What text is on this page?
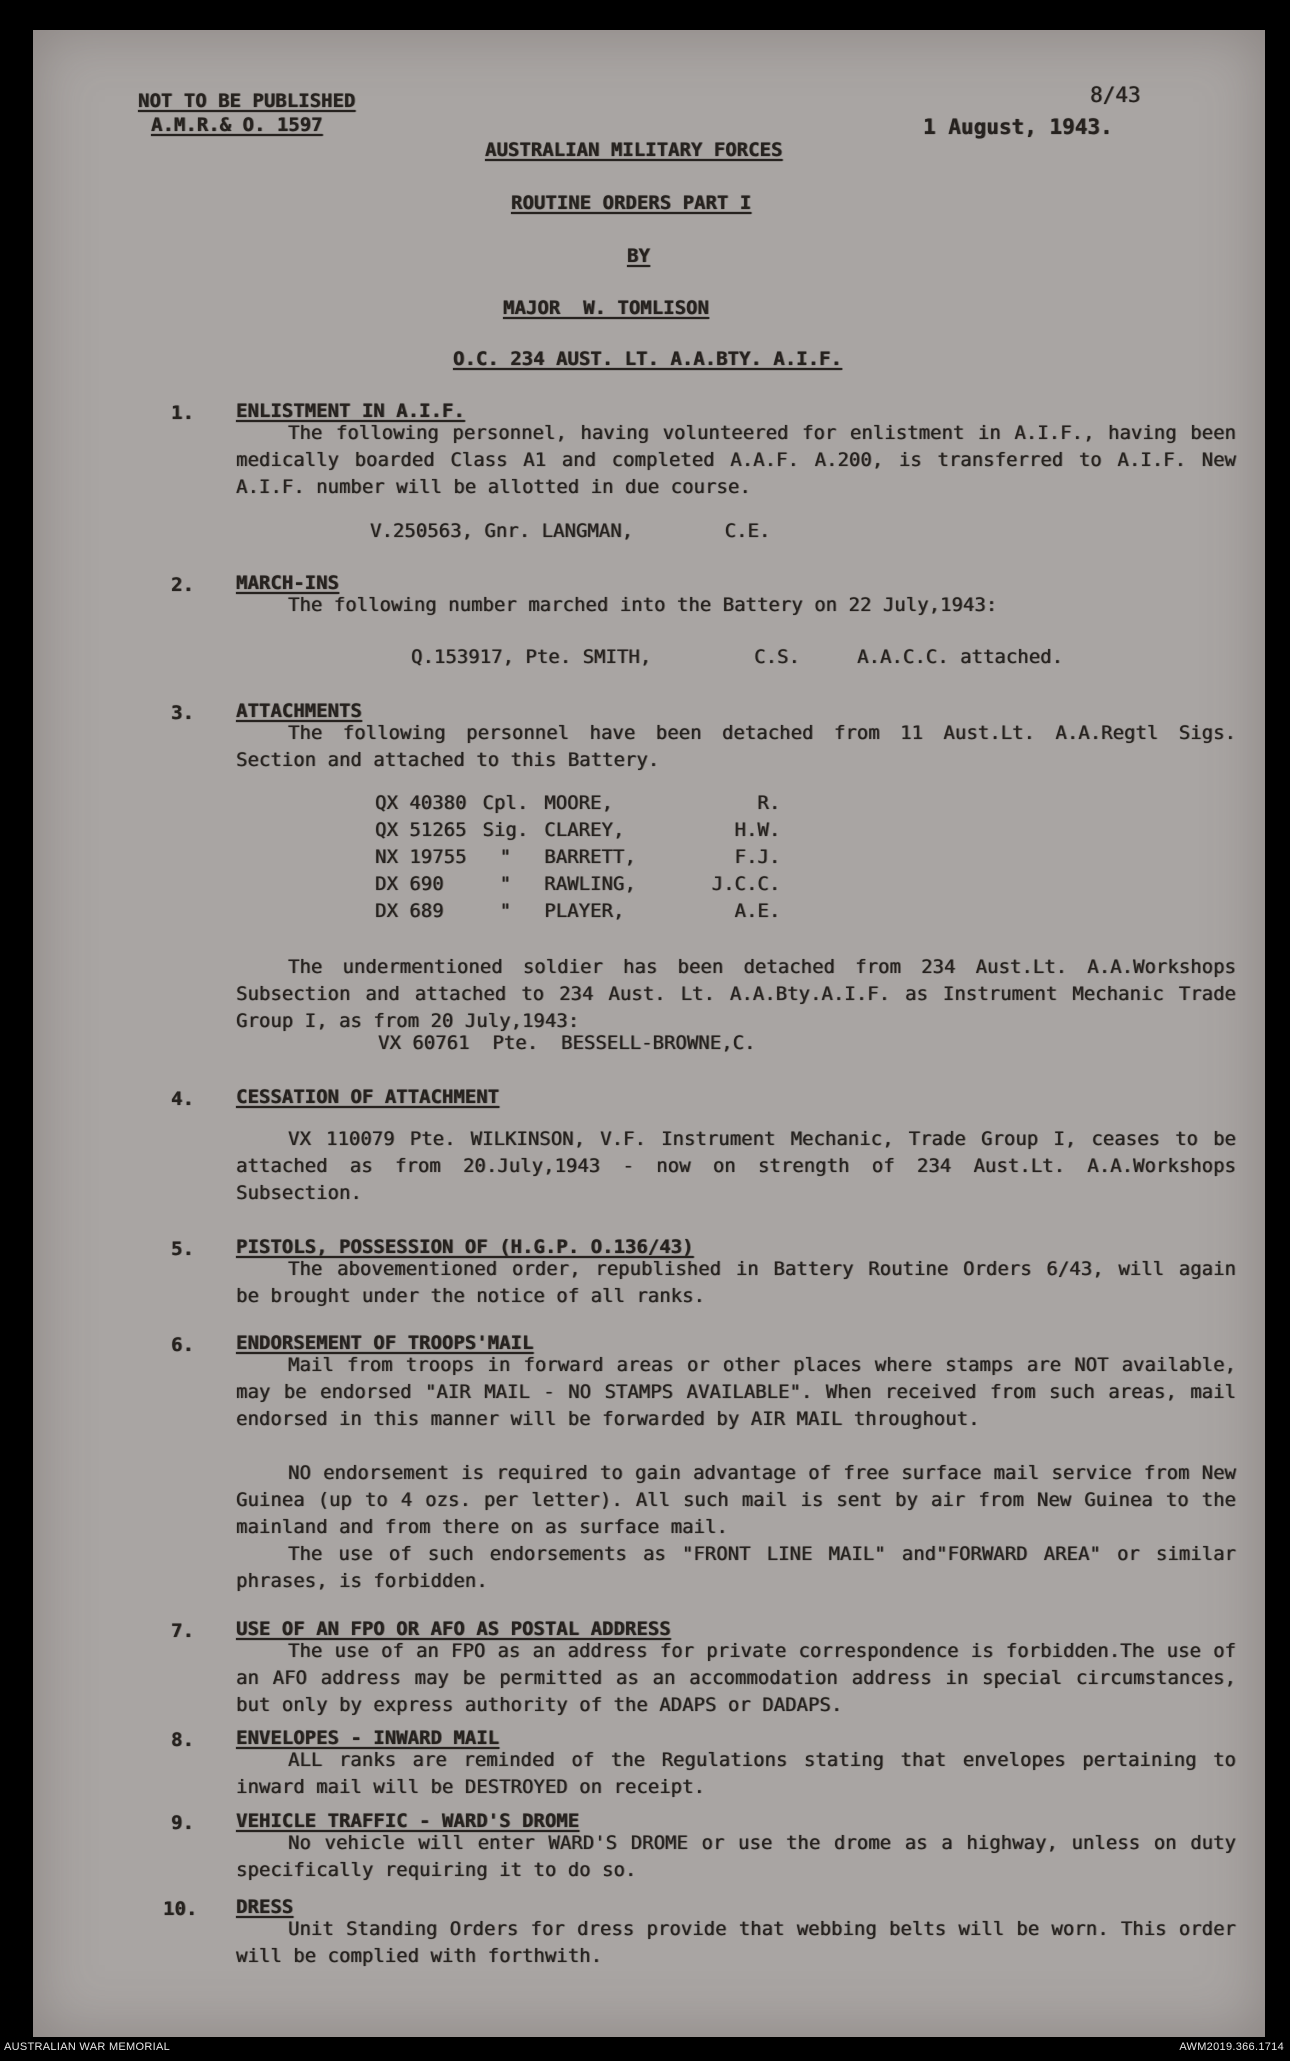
NOT TO BE PUBLISHED
A.M.R.& O. 1597
8/43
1 August, 1943.
AUSTRALIAN MILITARY FORCES
ROUTINE ORDERS PART I
BY
MAJOR  W. TOMLISON
O.C. 234 AUST. LT. A.A.BTY. A.I.F.
1. ENLISTMENT IN A.I.F.
The following personnel, having volunteered for enlistment in A.I.F., having been medically boarded Class A1 and completed A.A.F. A.200, is transferred to A.I.F. New A.I.F. number will be allotted in due course.
V.250563, Gnr. LANGMAN,        C.E.
2. MARCH-INS
The following number marched into the Battery on 22 July,1943:
Q.153917, Pte. SMITH,         C.S.     A.A.C.C. attached.
3. ATTACHMENTS
The following personnel have been detached from 11 Aust.Lt. A.A.Regtl Sigs. Section and attached to this Battery.
QX 40380	Cpl.	MOORE,	R.
QX 51265	Sig.	CLAREY,	H.W.
NX 19755	"	BARRETT,	F.J.
DX 690	"	RAWLING,	J.C.C.
DX 689	"	PLAYER,	A.E.
The undermentioned soldier has been detached from 234 Aust.Lt. A.A.Workshops Subsection and attached to 234 Aust. Lt. A.A.Bty.A.I.F. as Instrument Mechanic Trade Group I, as from 20 July,1943:
VX 60761  Pte.  BESSELL-BROWNE,C.
4. CESSATION OF ATTACHMENT
VX 110079 Pte. WILKINSON, V.F. Instrument Mechanic, Trade Group I, ceases to be attached as from 20.July,1943 - now on strength of 234 Aust.Lt. A.A.Workshops Subsection.
5. PISTOLS, POSSESSION OF (H.G.P. O.136/43)
The abovementioned order, republished in Battery Routine Orders 6/43, will again be brought under the notice of all ranks.
6. ENDORSEMENT OF TROOPS'MAIL
Mail from troops in forward areas or other places where stamps are NOT available, may be endorsed "AIR MAIL - NO STAMPS AVAILABLE". When received from such areas, mail endorsed in this manner will be forwarded by AIR MAIL throughout.
NO endorsement is required to gain advantage of free surface mail service from New Guinea (up to 4 ozs. per letter). All such mail is sent by air from New Guinea to the mainland and from there on as surface mail.
The use of such endorsements as "FRONT LINE MAIL" and"FORWARD AREA" or similar phrases, is forbidden.
7. USE OF AN FPO OR AFO AS POSTAL ADDRESS
The use of an FPO as an address for private correspondence is forbidden.The use of an AFO address may be permitted as an accommodation address in special circumstances, but only by express authority of the ADAPS or DADAPS.
8. ENVELOPES - INWARD MAIL
ALL ranks are reminded of the Regulations stating that envelopes pertaining to inward mail will be DESTROYED on receipt.
9. VEHICLE TRAFFIC - WARD'S DROME
No vehicle will enter WARD'S DROME or use the drome as a highway, unless on duty specifically requiring it to do so.
10. DRESS
Unit Standing Orders for dress provide that webbing belts will be worn. This order will be complied with forthwith.
AUSTRALIAN WAR MEMORIAL	AWM2019.366.1714
